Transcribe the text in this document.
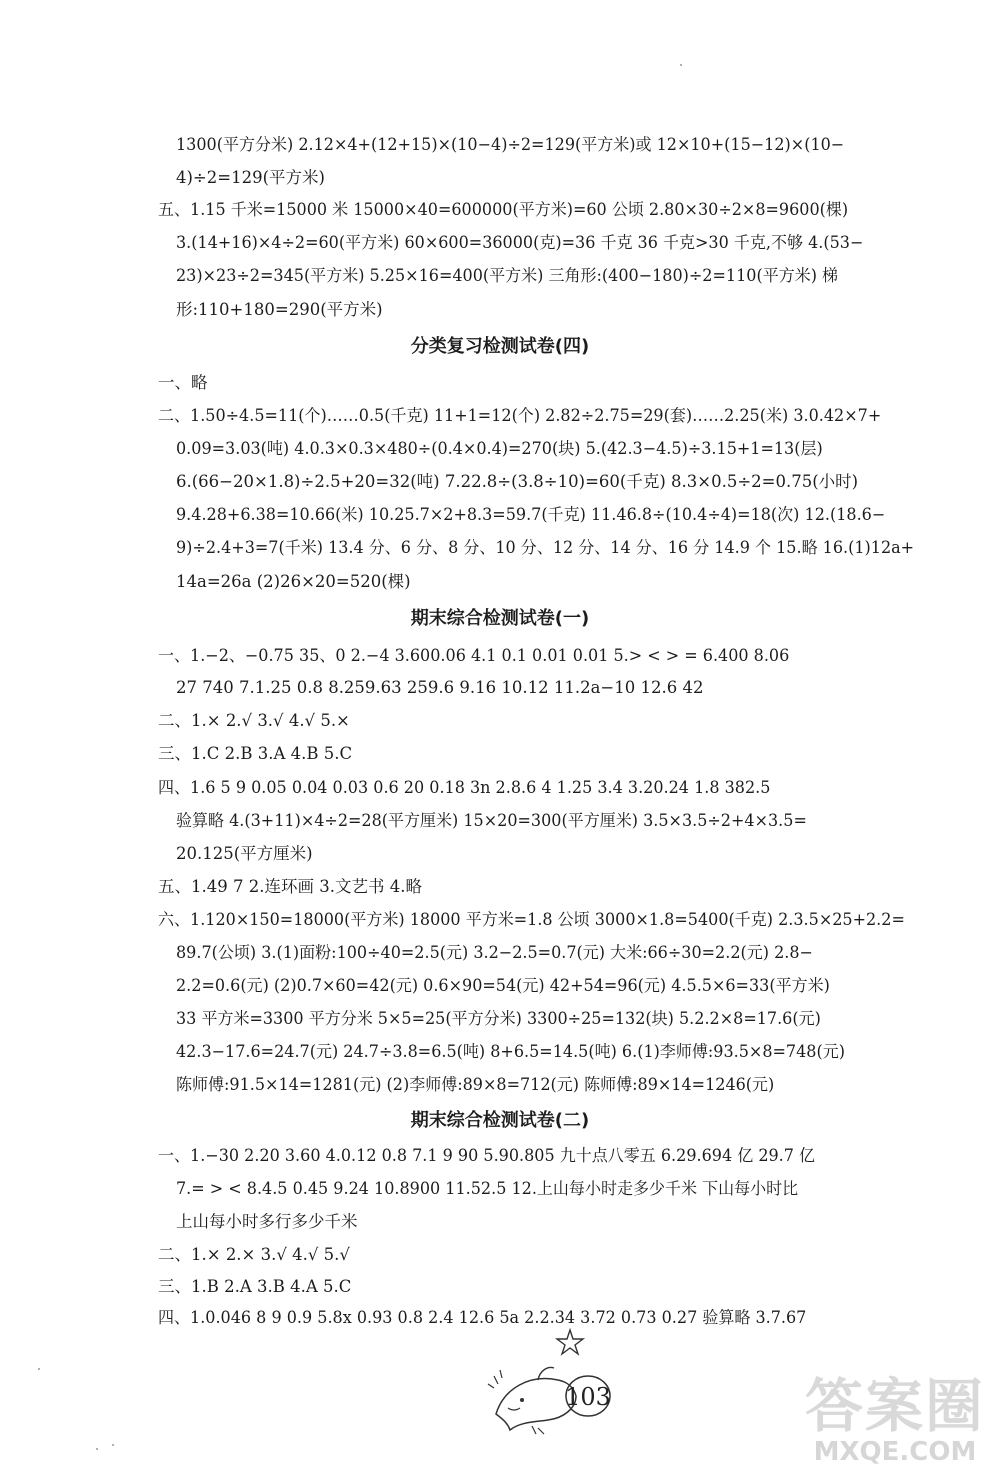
1300(平方分米) 2.12×4+(12+15)×(10−4)÷2=129(平方米)或 12×10+(15−12)×(10−
4)÷2=129(平方米)
五、1.15 千米=15000 米 15000×40=600000(平方米)=60 公顷 2.80×30÷2×8=9600(棵)
3.(14+16)×4÷2=60(平方米) 60×600=36000(克)=36 千克 36 千克>30 千克,不够 4.(53−
23)×23÷2=345(平方米) 5.25×16=400(平方米) 三角形:(400−180)÷2=110(平方米) 梯
形:110+180=290(平方米)
分类复习检测试卷(四)
一、略
二、1.50÷4.5=11(个)……0.5(千克) 11+1=12(个) 2.82÷2.75=29(套)……2.25(米) 3.0.42×7+
0.09=3.03(吨) 4.0.3×0.3×480÷(0.4×0.4)=270(块) 5.(42.3−4.5)÷3.15+1=13(层)
6.(66−20×1.8)÷2.5+20=32(吨) 7.22.8÷(3.8÷10)=60(千克) 8.3×0.5÷2=0.75(小时)
9.4.28+6.38=10.66(米) 10.25.7×2+8.3=59.7(千克) 11.46.8÷(10.4÷4)=18(次) 12.(18.6−
9)÷2.4+3=7(千米) 13.4 分、6 分、8 分、10 分、12 分、14 分、16 分 14.9 个 15.略 16.(1)12a+
14a=26a (2)26×20=520(棵)
期末综合检测试卷(一)
一、1.−2、−0.75 35、0 2.−4 3.600.06 4.1 0.1 0.01 0.01 5.> < > = 6.400 8.06
27 740 7.1.25 0.8 8.259.63 259.6 9.16 10.12 11.2a−10 12.6 42
二、1.× 2.√ 3.√ 4.√ 5.×
三、1.C 2.B 3.A 4.B 5.C
四、1.6 5 9 0.05 0.04 0.03 0.6 20 0.18 3n 2.8.6 4 1.25 3.4 3.20.24 1.8 382.5
验算略 4.(3+11)×4÷2=28(平方厘米) 15×20=300(平方厘米) 3.5×3.5÷2+4×3.5=
20.125(平方厘米)
五、1.49 7 2.连环画 3.文艺书 4.略
六、1.120×150=18000(平方米) 18000 平方米=1.8 公顷 3000×1.8=5400(千克) 2.3.5×25+2.2=
89.7(公顷) 3.(1)面粉:100÷40=2.5(元) 3.2−2.5=0.7(元) 大米:66÷30=2.2(元) 2.8−
2.2=0.6(元) (2)0.7×60=42(元) 0.6×90=54(元) 42+54=96(元) 4.5.5×6=33(平方米)
33 平方米=3300 平方分米 5×5=25(平方分米) 3300÷25=132(块) 5.2.2×8=17.6(元)
42.3−17.6=24.7(元) 24.7÷3.8=6.5(吨) 8+6.5=14.5(吨) 6.(1)李师傅:93.5×8=748(元)
陈师傅:91.5×14=1281(元) (2)李师傅:89×8=712(元) 陈师傅:89×14=1246(元)
期末综合检测试卷(二)
一、1.−30 2.20 3.60 4.0.12 0.8 7.1 9 90 5.90.805 九十点八零五 6.29.694 亿 29.7 亿
7.= > < 8.4.5 0.45 9.24 10.8900 11.52.5 12.上山每小时走多少千米 下山每小时比
上山每小时多行多少千米
二、1.× 2.× 3.√ 4.√ 5.√
三、1.B 2.A 3.B 4.A 5.C
四、1.0.046 8 9 0.9 5.8x 0.93 0.8 2.4 12.6 5a 2.2.34 3.72 0.73 0.27 验算略 3.7.67
103	答案圈
MXQE.COM
